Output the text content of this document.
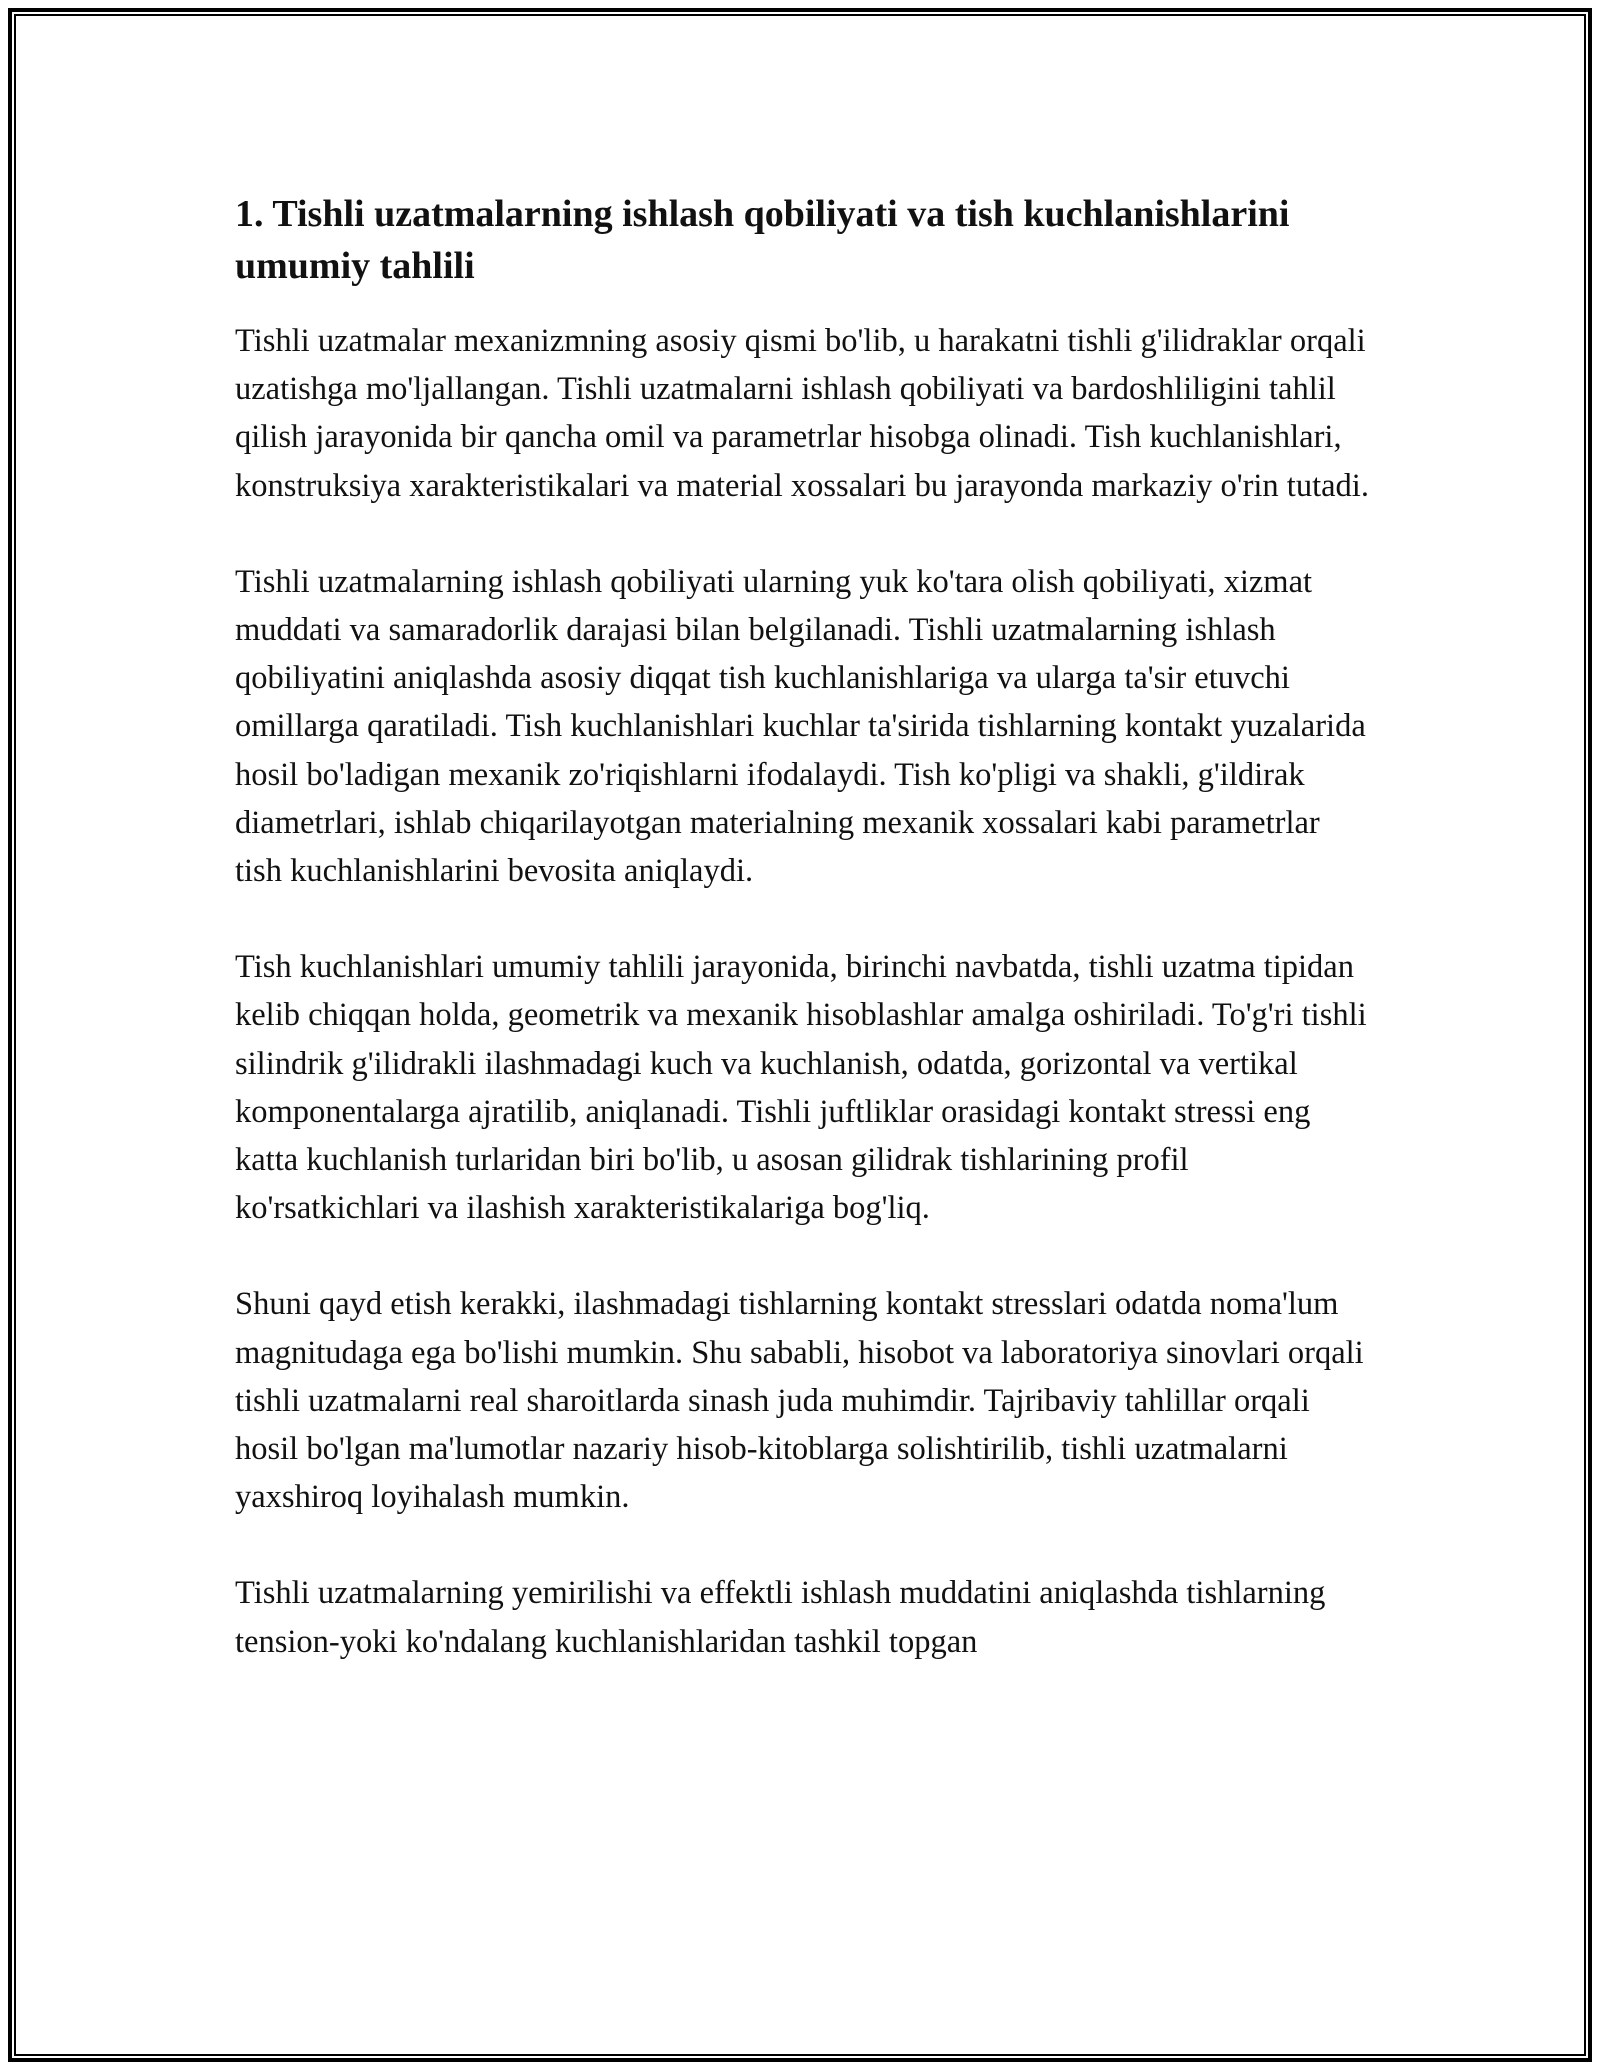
1. Tishli uzatmalarning ishlash qobiliyati va tish kuchlanishlarini umumiy tahlili

Tishli uzatmalar mexanizmning asosiy qismi bo'lib, u harakatni tishli g'ilidraklar orqali uzatishga mo'ljallangan. Tishli uzatmalarni ishlash qobiliyati va bardoshliligini tahlil qilish jarayonida bir qancha omil va parametrlar hisobga olinadi. Tish kuchlanishlari, konstruksiya xarakteristikalari va material xossalari bu jarayonda markaziy o'rin tutadi.

Tishli uzatmalarning ishlash qobiliyati ularning yuk ko'tara olish qobiliyati, xizmat muddati va samaradorlik darajasi bilan belgilanadi. Tishli uzatmalarning ishlash qobiliyatini aniqlashda asosiy diqqat tish kuchlanishlariga va ularga ta'sir etuvchi omillarga qaratiladi. Tish kuchlanishlari kuchlar ta'sirida tishlarning kontakt yuzalarida hosil bo'ladigan mexanik zo'riqishlarni ifodalaydi. Tish ko'pligi va shakli, g'ildirak diametrlari, ishlab chiqarilayotgan materialning mexanik xossalari kabi parametrlar tish kuchlanishlarini bevosita aniqlaydi.

Tish kuchlanishlari umumiy tahlili jarayonida, birinchi navbatda, tishli uzatma tipidan kelib chiqqan holda, geometrik va mexanik hisoblashlar amalga oshiriladi. To'g'ri tishli silindrik g'ilidrakli ilashmadagi kuch va kuchlanish, odatda, gorizontal va vertikal komponentalarga ajratilib, aniqlanadi. Tishli juftliklar orasidagi kontakt stressi eng katta kuchlanish turlaridan biri bo'lib, u asosan gilidrak tishlarining profil ko'rsatkichlari va ilashish xarakteristikalariga bog'liq.

Shuni qayd etish kerakki, ilashmadagi tishlarning kontakt stresslari odatda noma'lum magnitudaga ega bo'lishi mumkin. Shu sababli, hisobot va laboratoriya sinovlari orqali tishli uzatmalarni real sharoitlarda sinash juda muhimdir. Tajribaviy tahlillar orqali hosil bo'lgan ma'lumotlar nazariy hisob-kitoblarga solishtirilib, tishli uzatmalarni yaxshiroq loyihalash mumkin.

Tishli uzatmalarning yemirilishi va effektli ishlash muddatini aniqlashda tishlarning tension-yoki ko'ndalang kuchlanishlaridan tashkil topgan
